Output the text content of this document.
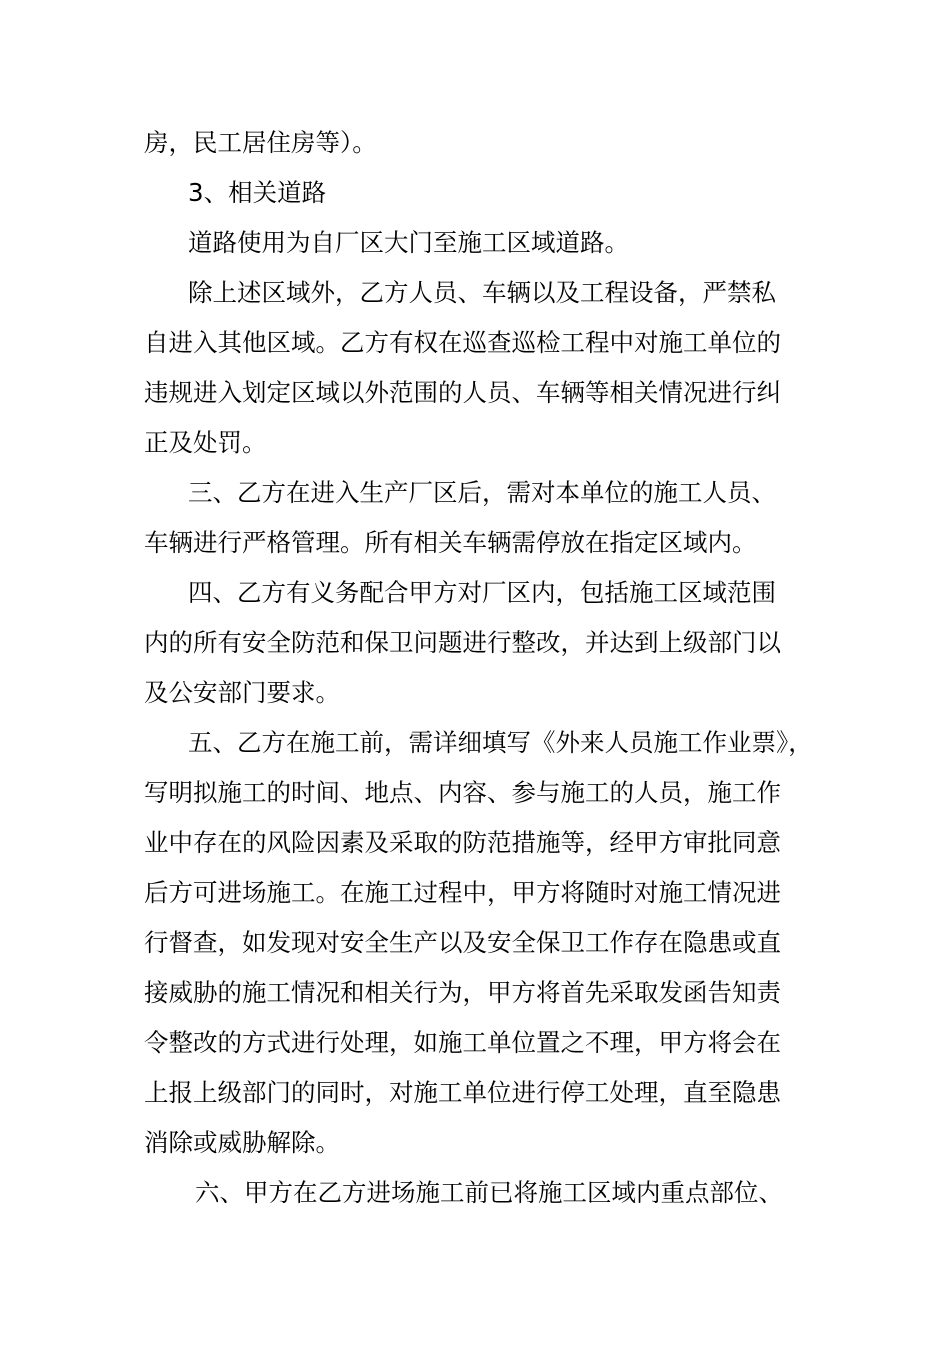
房，民工居住房等）。
3、相关道路
道路使用为自厂区大门至施工区域道路。
除上述区域外，乙方人员、车辆以及工程设备，严禁私
自进入其他区域。乙方有权在巡查巡检工程中对施工单位的
违规进入划定区域以外范围的人员、车辆等相关情况进行纠
正及处罚。
三、乙方在进入生产厂区后，需对本单位的施工人员、
车辆进行严格管理。所有相关车辆需停放在指定区域内。
四、乙方有义务配合甲方对厂区内，包括施工区域范围
内的所有安全防范和保卫问题进行整改，并达到上级部门以
及公安部门要求。
五、乙方在施工前，需详细填写《外来人员施工作业票》，
写明拟施工的时间、地点、内容、参与施工的人员，施工作
业中存在的风险因素及采取的防范措施等，经甲方审批同意
后方可进场施工。在施工过程中，甲方将随时对施工情况进
行督查，如发现对安全生产以及安全保卫工作存在隐患或直
接威胁的施工情况和相关行为，甲方将首先采取发函告知责
令整改的方式进行处理，如施工单位置之不理，甲方将会在
上报上级部门的同时，对施工单位进行停工处理，直至隐患
消除或威胁解除。
六、甲方在乙方进场施工前已将施工区域内重点部位、
